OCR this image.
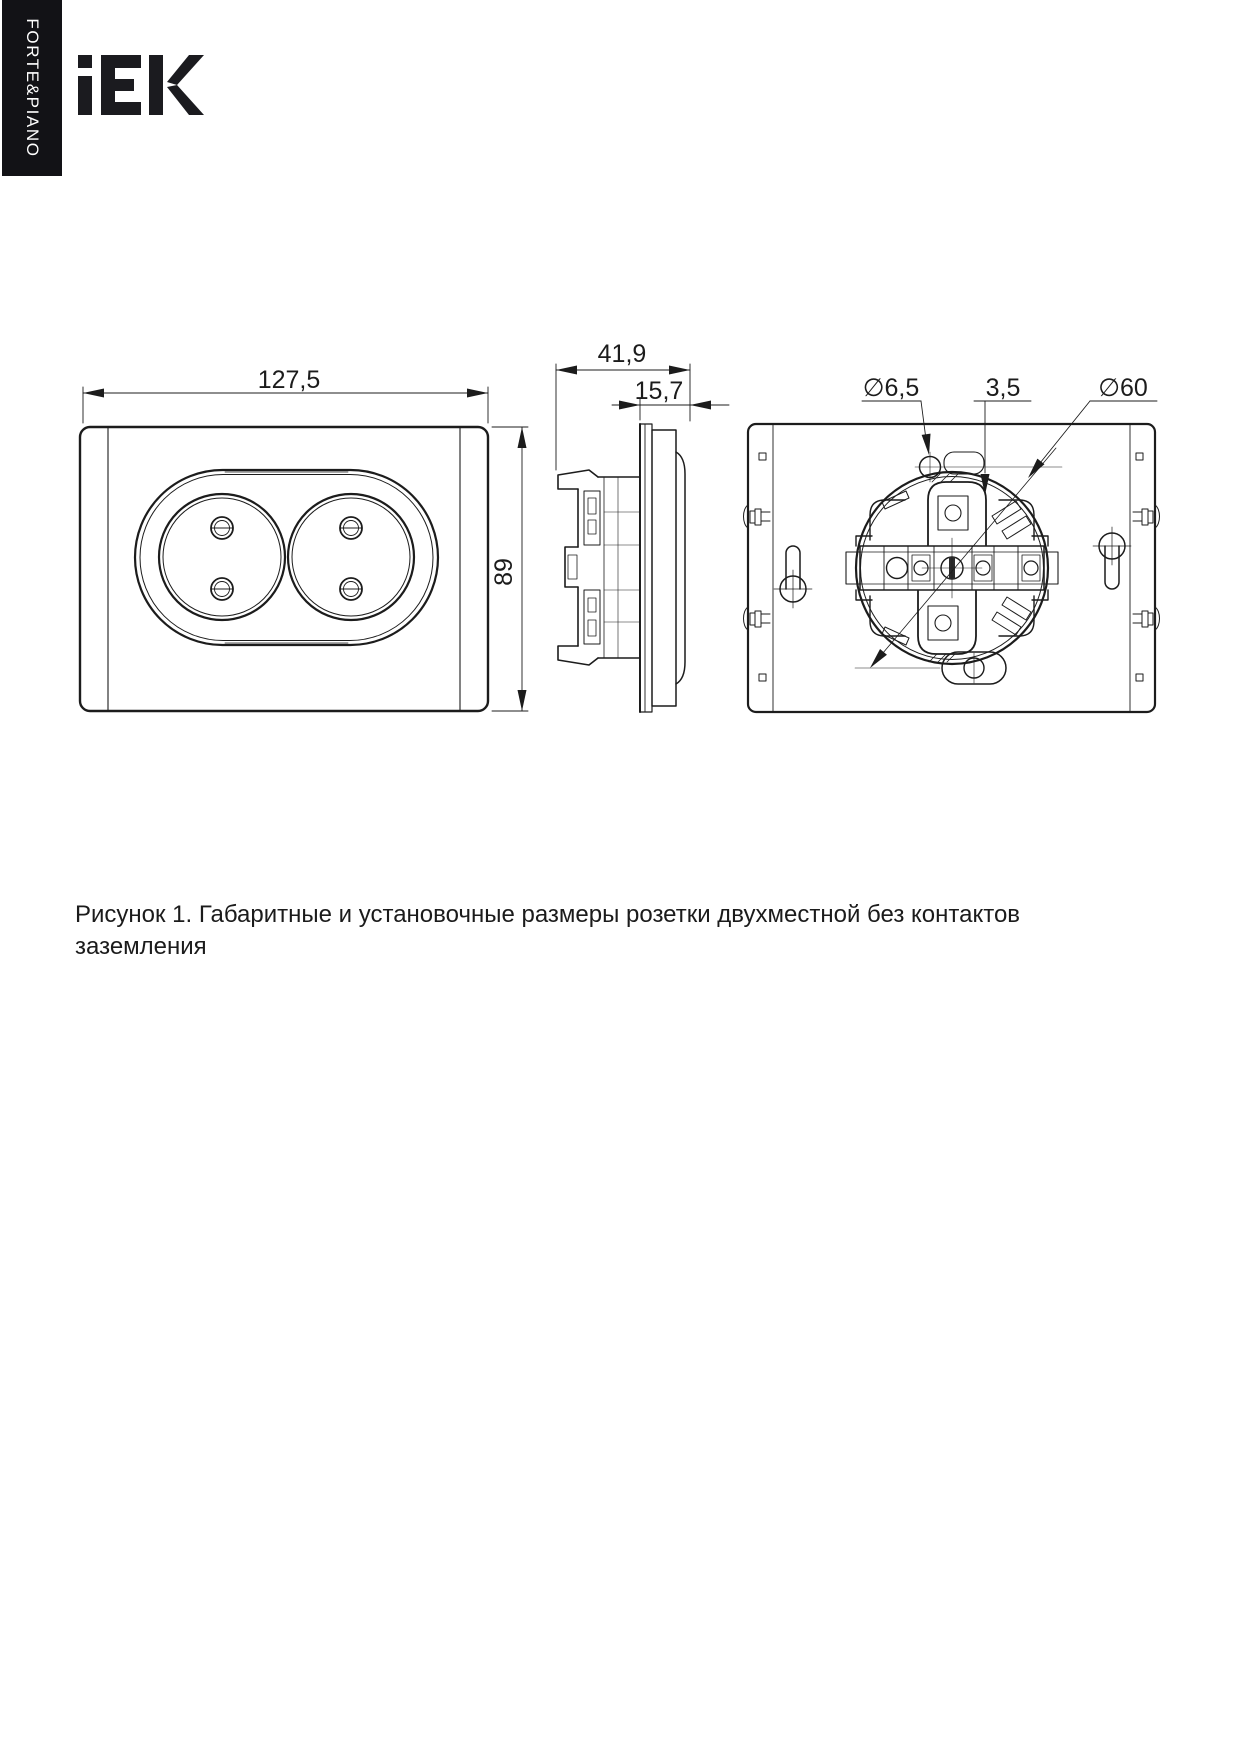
FORTE&PIANO
127,5
89
41,9
15,7	∅6,5	3,5	∅60
Рисунок 1. Габаритные и установочные размеры розетки двухместной без контактов
заземления
